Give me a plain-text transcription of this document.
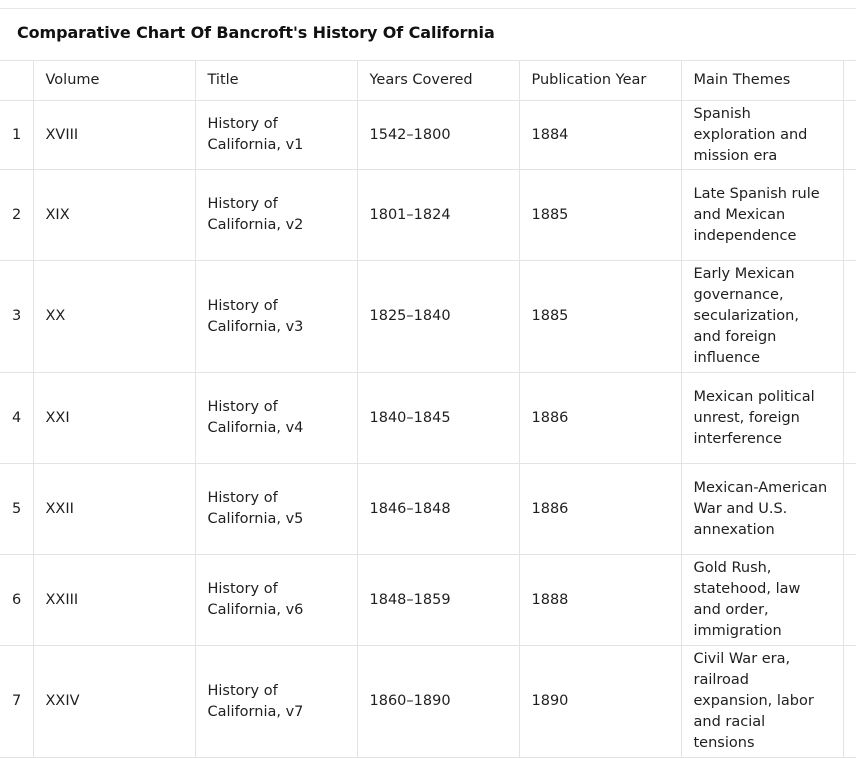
Comparative Chart Of Bancroft's History Of California
	Volume	Title	Years Covered	Publication Year	Main Themes	
1	XVIII	History of California, v1	1542–1800	1884	Spanish exploration and mission era	
2	XIX	History of California, v2	1801–1824	1885	Late Spanish rule and Mexican independence	
3	XX	History of California, v3	1825–1840	1885	Early Mexican governance, secularization, and foreign influence	
4	XXI	History of California, v4	1840–1845	1886	Mexican political unrest, foreign interference	
5	XXII	History of California, v5	1846–1848	1886	Mexican-American War and U.S. annexation	
6	XXIII	History of California, v6	1848–1859	1888	Gold Rush, statehood, law and order, immigration	
7	XXIV	History of California, v7	1860–1890	1890	Civil War era, railroad expansion, labor and racial tensions	
